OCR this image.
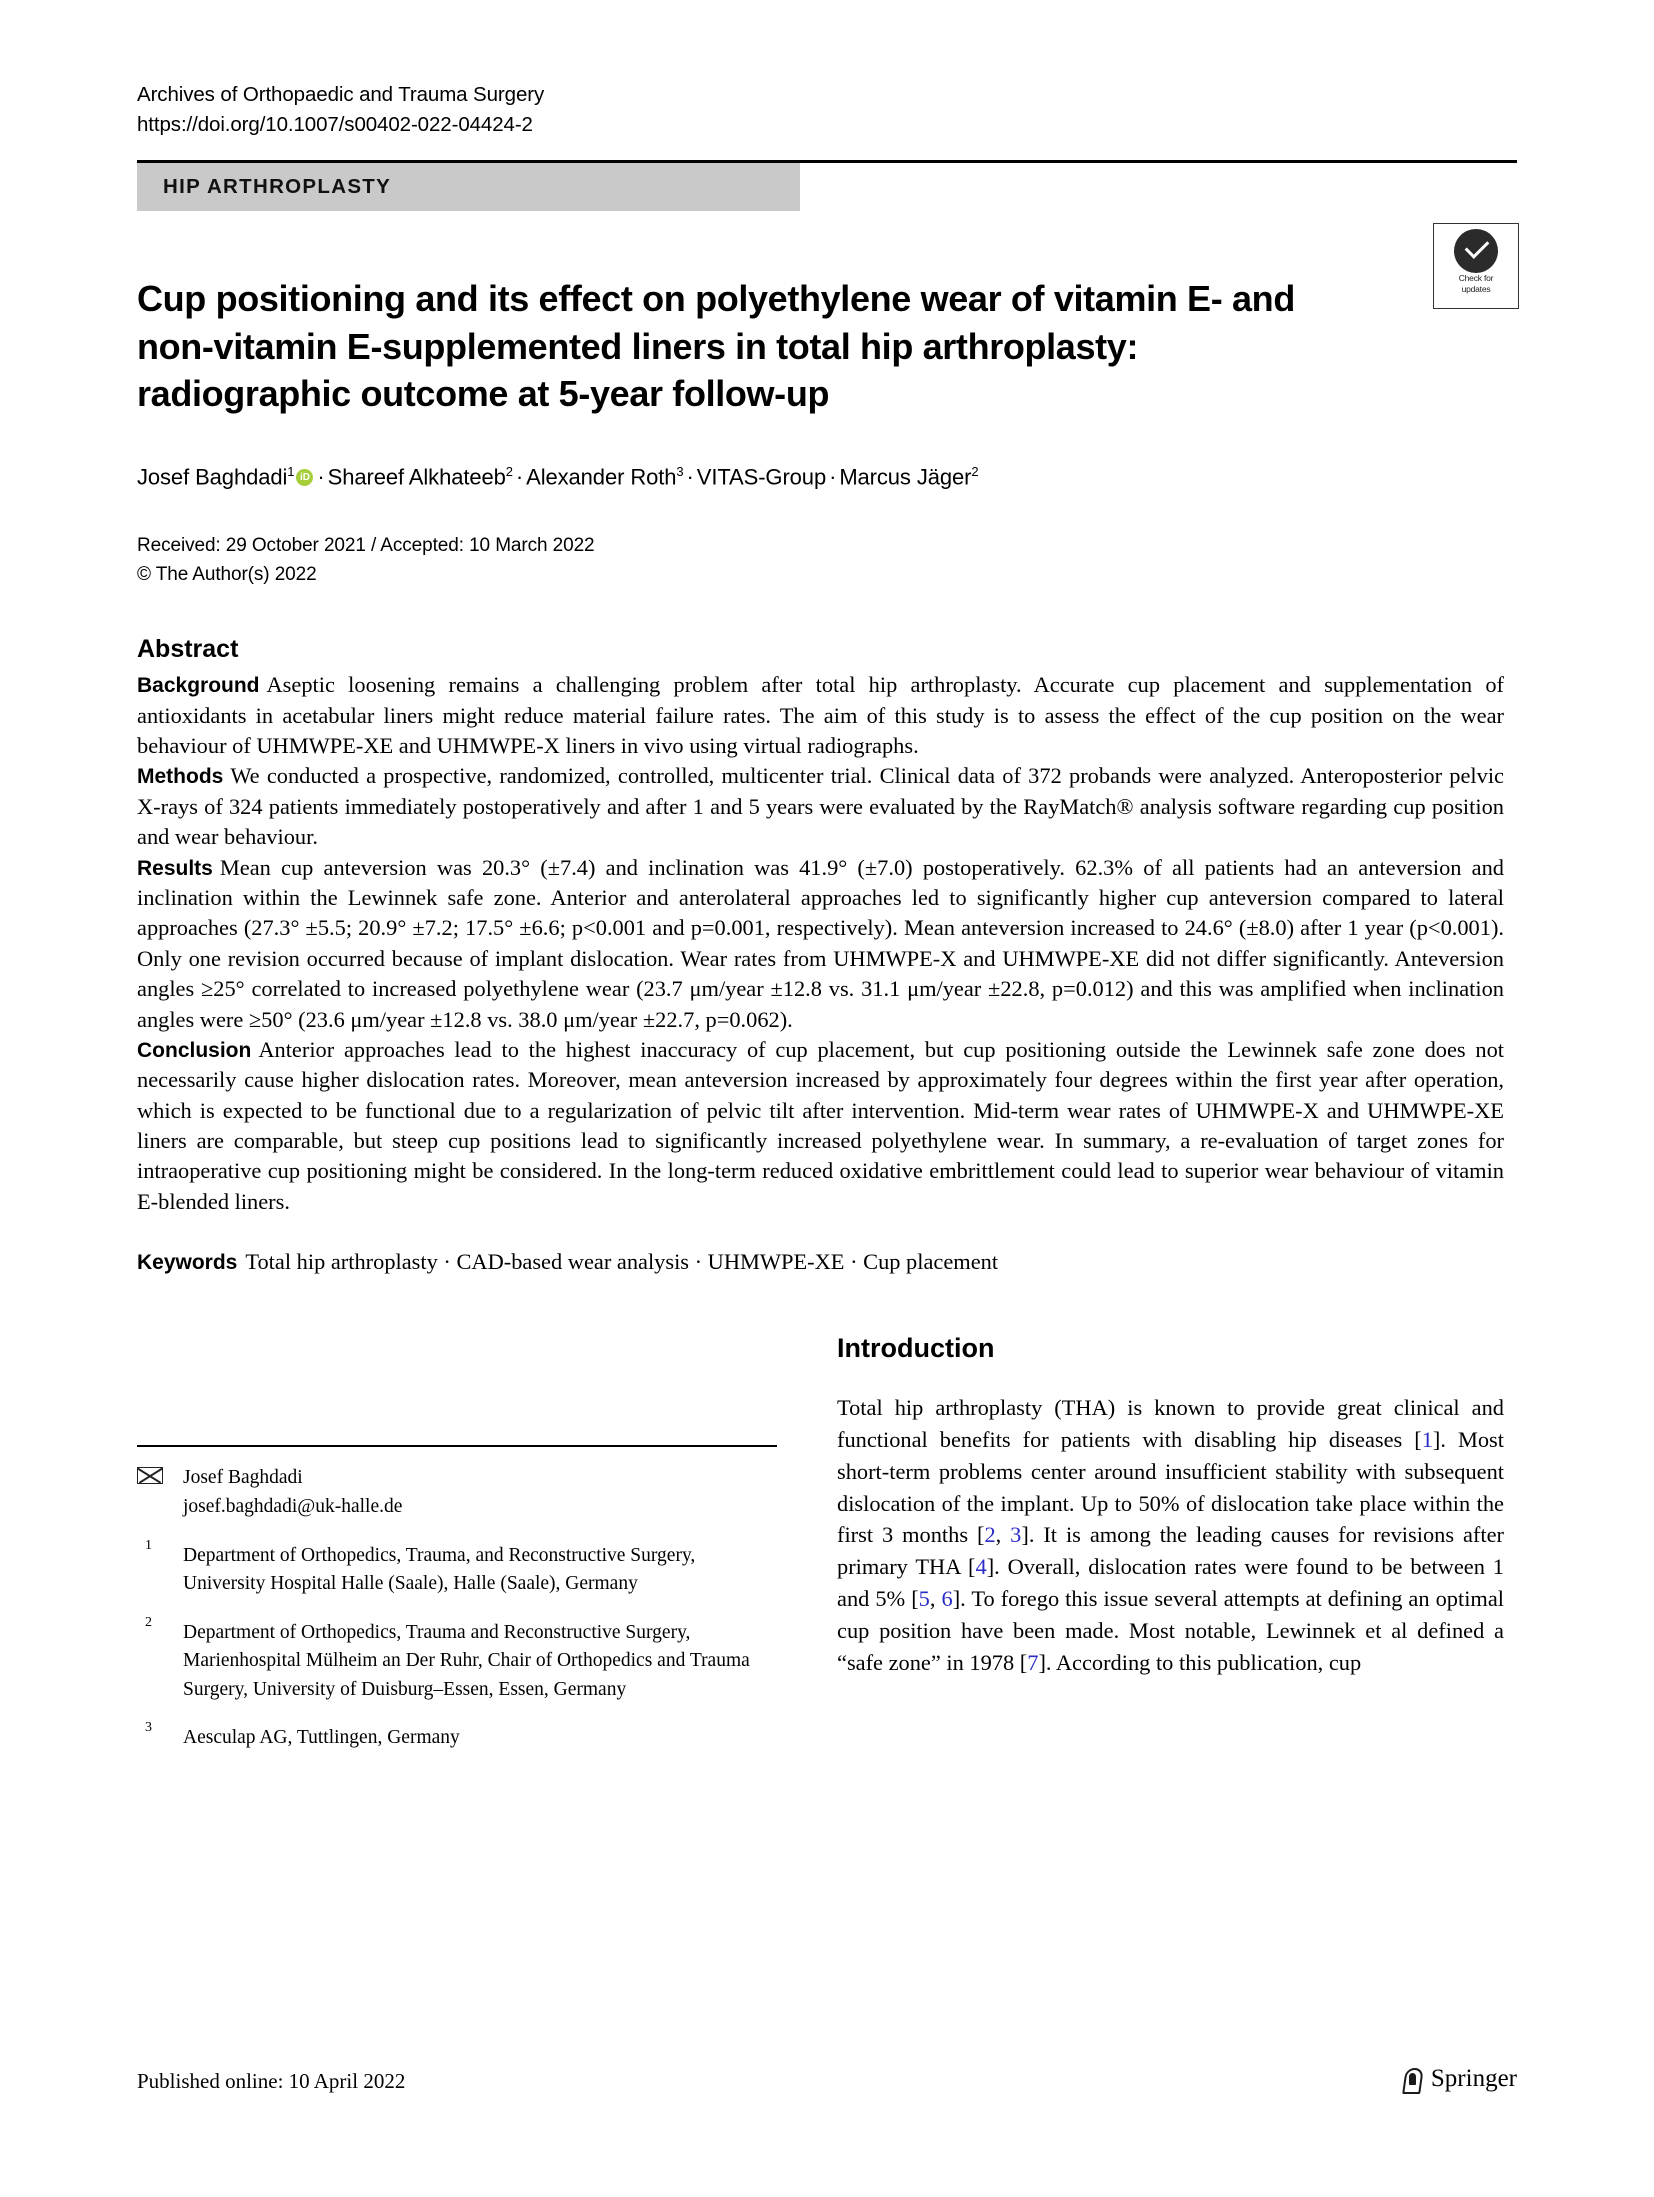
Archives of Orthopaedic and Trauma Surgery
https://doi.org/10.1007/s00402-022-04424-2
HIP ARTHROPLASTY
Check for
updates
Cup positioning and its effect on polyethylene wear of vitamin E- and non-vitamin E-supplemented liners in total hip arthroplasty: radiographic outcome at 5-year follow-up
Josef Baghdadi$^1$ iD · Shareef Alkhateeb$^2$ · Alexander Roth$^3$ · VITAS-Group · Marcus Jäger$^2$
Received: 29 October 2021 / Accepted: 10 March 2022
© The Author(s) 2022
Abstract

Background Aseptic loosening remains a challenging problem after total hip arthroplasty. Accurate cup placement and supplementation of antioxidants in acetabular liners might reduce material failure rates. The aim of this study is to assess the effect of the cup position on the wear behaviour of UHMWPE-XE and UHMWPE-X liners in vivo using virtual radiographs.

Methods We conducted a prospective, randomized, controlled, multicenter trial. Clinical data of 372 probands were analyzed. Anteroposterior pelvic X-rays of 324 patients immediately postoperatively and after 1 and 5 years were evaluated by the RayMatch® analysis software regarding cup position and wear behaviour.

Results Mean cup anteversion was 20.3° (±7.4) and inclination was 41.9° (±7.0) postoperatively. 62.3% of all patients had an anteversion and inclination within the Lewinnek safe zone. Anterior and anterolateral approaches led to significantly higher cup anteversion compared to lateral approaches (27.3° ±5.5; 20.9° ±7.2; 17.5° ±6.6; p<0.001 and p=0.001, respectively). Mean anteversion increased to 24.6° (±8.0) after 1 year (p<0.001). Only one revision occurred because of implant dislocation. Wear rates from UHMWPE-X and UHMWPE-XE did not differ significantly. Anteversion angles ≥25° correlated to increased polyethylene wear (23.7 μm/year ±12.8 vs. 31.1 μm/year ±22.8, p=0.012) and this was amplified when inclination angles were ≥50° (23.6 μm/year ±12.8 vs. 38.0 μm/year ±22.7, p=0.062).

Conclusion Anterior approaches lead to the highest inaccuracy of cup placement, but cup positioning outside the Lewinnek safe zone does not necessarily cause higher dislocation rates. Moreover, mean anteversion increased by approximately four degrees within the first year after operation, which is expected to be functional due to a regularization of pelvic tilt after intervention. Mid-term wear rates of UHMWPE-X and UHMWPE-XE liners are comparable, but steep cup positions lead to significantly increased polyethylene wear. In summary, a re-evaluation of target zones for intraoperative cup positioning might be considered. In the long-term reduced oxidative embrittlement could lead to superior wear behaviour of vitamin E-blended liners.

Keywords Total hip arthroplasty · CAD-based wear analysis · UHMWPE-XE · Cup placement
Josef Baghdadi
josef.baghdadi@uk-halle.de
1 Department of Orthopedics, Trauma, and Reconstructive Surgery, University Hospital Halle (Saale), Halle (Saale), Germany
2 Department of Orthopedics, Trauma and Reconstructive Surgery, Marienhospital Mülheim an Der Ruhr, Chair of Orthopedics and Trauma Surgery, University of Duisburg–Essen, Essen, Germany
3 Aesculap AG, Tuttlingen, Germany
Introduction

Total hip arthroplasty (THA) is known to provide great clinical and functional benefits for patients with disabling hip diseases [1]. Most short-term problems center around insufficient stability with subsequent dislocation of the implant. Up to 50% of dislocation take place within the first 3 months [2, 3]. It is among the leading causes for revisions after primary THA [4]. Overall, dislocation rates were found to be between 1 and 5% [5, 6]. To forego this issue several attempts at defining an optimal cup position have been made. Most notable, Lewinnek et al defined a “safe zone” in 1978 [7]. According to this publication, cup

Published online: 10 April 2022	Springer
